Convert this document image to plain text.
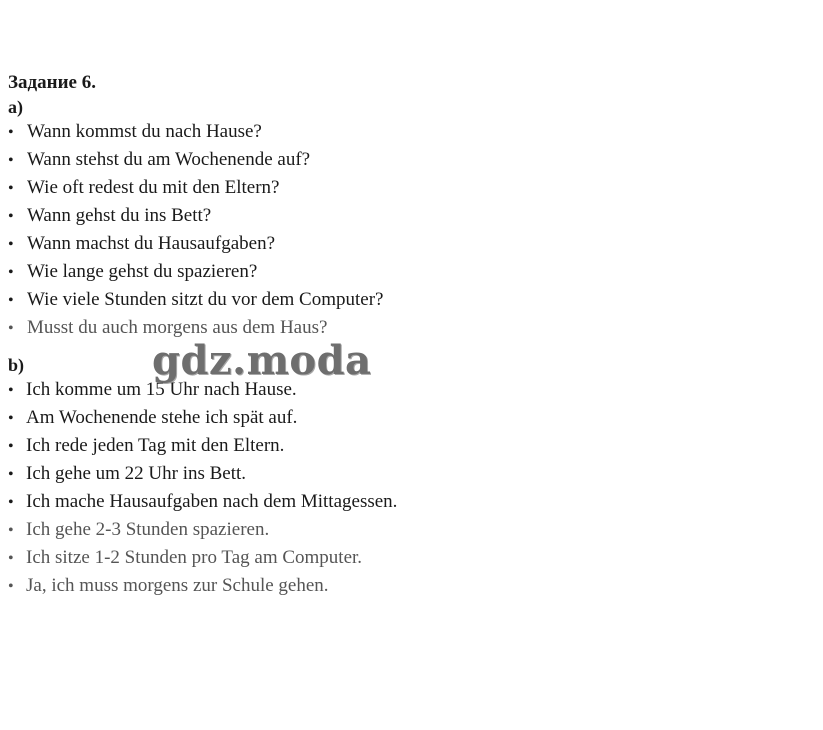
Задание 6.

a)

• Wann kommst du nach Hause?
• Wann stehst du am Wochenende auf?
• Wie oft redest du mit den Eltern?
• Wann gehst du ins Bett?
• Wann machst du Hausaufgaben?
• Wie lange gehst du spazieren?
• Wie viele Stunden sitzt du vor dem Computer?
• Musst du auch morgens aus dem Haus?

b)

• Ich komme um 15 Uhr nach Hause.
• Am Wochenende stehe ich spät auf.
• Ich rede jeden Tag mit den Eltern.
• Ich gehe um 22 Uhr ins Bett.
• Ich mache Hausaufgaben nach dem Mittagessen.
• Ich gehe 2-3 Stunden spazieren.
• Ich sitze 1-2 Stunden pro Tag am Computer.
• Ja, ich muss morgens zur Schule gehen.
gdz.moda
